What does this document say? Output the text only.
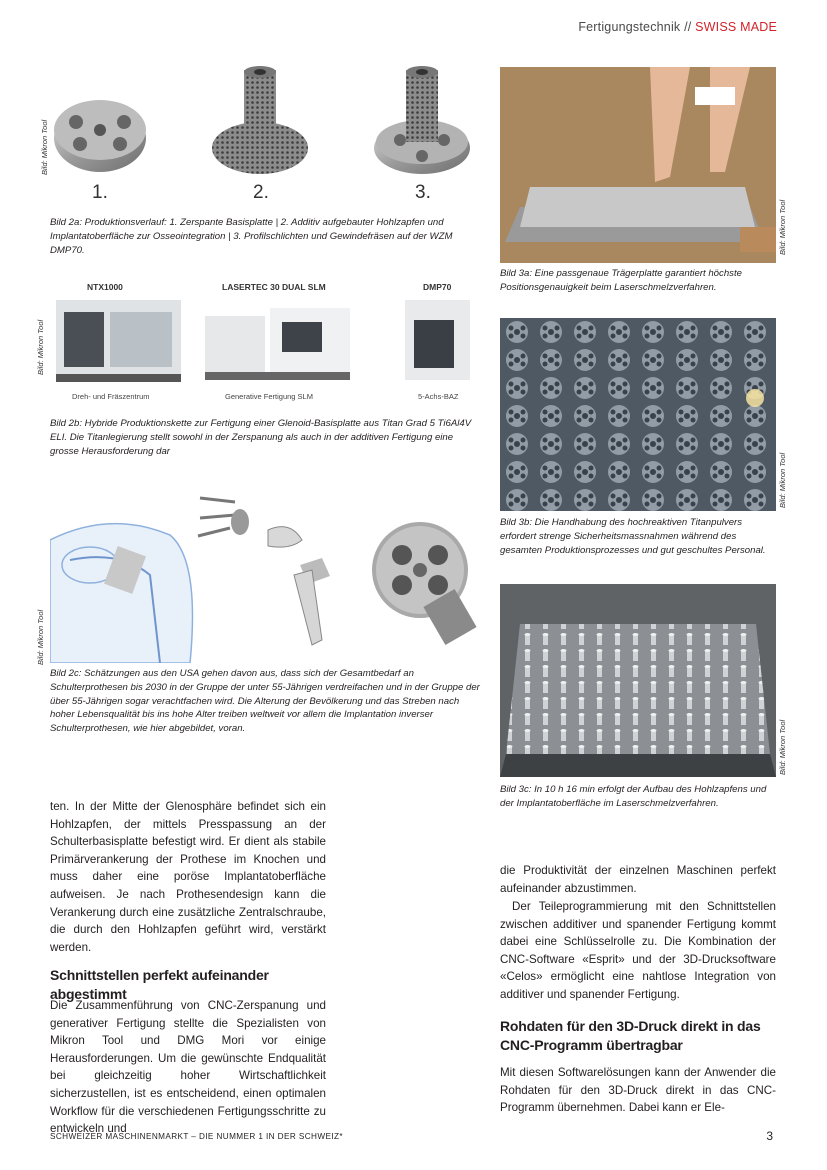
Fertigungstechnik // SWISS MADE
Bild: Mikron Tool
1.	2.	3.

Bild 2a: Produktionsverlauf: 1. Zerspante Basisplatte | 2. Additiv aufgebauter Hohlzapfen und Implantatoberfläche zur Osseointegration | 3. Profilschlichten und Gewindefräsen auf der WZM DMP70.

Bild: Mikron Tool
NTX1000	LASERTEC 30 DUAL SLM	DMP70
Dreh- und Fräszentrum	Generative Fertigung SLM	5-Achs-BAZ

Bild 2b: Hybride Produktionskette zur Fertigung einer Glenoid-Basisplatte aus Titan Grad 5 Ti6Al4V ELI. Die Titanlegierung stellt sowohl in der Zerspanung als auch in der additiven Fertigung eine grosse Herausforderung dar

Bild: Mikron Tool

Bild 2c: Schätzungen aus den USA gehen davon aus, dass sich der Gesamtbedarf an Schulterprothesen bis 2030 in der Gruppe der unter 55-Jährigen verdreifachen und in der Gruppe der über 55-Jährigen sogar verachtfachen wird. Die Alterung der Bevölkerung und das Streben nach hoher Lebensqualität bis ins hohe Alter treiben weltweit vor allem die Implantation inverser Schulterprothesen, wie hier abgebildet, voran.

Bild: Mikron Tool

Bild 3a: Eine passgenaue Trägerplatte garantiert höchste Positionsgenauigkeit beim Laserschmelzverfahren.

Bild: Mikron Tool

Bild 3b: Die Handhabung des hochreaktiven Titanpulvers erfordert strenge Sicherheitsmassnahmen während des gesamten Produktionsprozesses und gut geschultes Personal.

Bild: Mikron Tool

Bild 3c: In 10 h 16 min erfolgt der Aufbau des Hohlzapfens und der Implantatoberfläche im Laserschmelzverfahren.

ten. In der Mitte der Glenosphäre befindet sich ein Hohlzapfen, der mittels Presspassung an der Schulterbasisplatte befestigt wird. Er dient als stabile Primärverankerung der Prothese im Knochen und muss daher eine poröse Implantatoberfläche aufweisen. Je nach Prothesendesign kann die Verankerung durch eine zusätzliche Zentralschraube, die durch den Hohlzapfen geführt wird, verstärkt werden.

Schnittstellen perfekt aufeinander abgestimmt

Die Zusammenführung von CNC-Zerspanung und generativer Fertigung stellte die Spezialisten von Mikron Tool und DMG Mori vor einige Herausforderungen. Um die gewünschte Endqualität bei gleichzeitig hoher Wirtschaftlichkeit sicherzustellen, ist es entscheidend, einen optimalen Workflow für die verschiedenen Fertigungsschritte zu entwickeln und

die Produktivität der einzelnen Maschinen perfekt aufeinander abzustimmen.

Der Teileprogrammierung mit den Schnittstellen zwischen additiver und spanender Fertigung kommt dabei eine Schlüsselrolle zu. Die Kombination der CNC-Software «Esprit» und der 3D-Drucksoftware «Celos» ermöglicht eine nahtlose Integration von additiver und spanender Fertigung.

Rohdaten für den 3D-Druck direkt in das CNC-Programm übertragbar

Mit diesen Softwarelösungen kann der Anwender die Rohdaten für den 3D-Druck direkt in das CNC-Programm übernehmen. Dabei kann er Ele-

SCHWEIZER MASCHINENMARKT – DIE NUMMER 1 IN DER SCHWEIZ*	3
